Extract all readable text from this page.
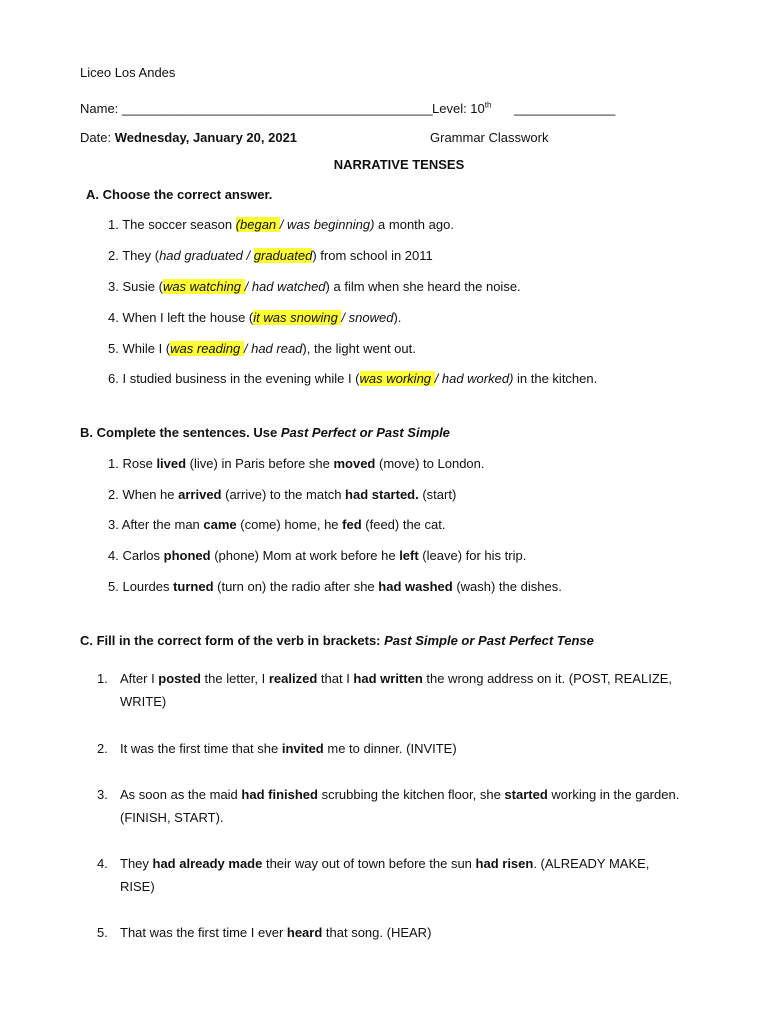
Liceo Los Andes
Name: ___________________________________________ Level: 10th ______________
Date: Wednesday, January 20, 2021	Grammar Classwork
NARRATIVE TENSES
A. Choose the correct answer.
1. The soccer season (began / was beginning) a month ago.
2. They (had graduated / graduated) from school in 2011
3. Susie (was watching / had watched) a film when she heard the noise.
4. When I left the house (it was snowing / snowed).
5. While I (was reading / had read), the light went out.
6. I studied business in the evening while I (was working / had worked) in the kitchen.
B. Complete the sentences. Use Past Perfect or Past Simple
1. Rose lived (live) in Paris before she moved (move) to London.
2. When he arrived (arrive) to the match had started. (start)
3. After the man came (come) home, he fed (feed) the cat.
4. Carlos phoned (phone) Mom at work before he left (leave) for his trip.
5. Lourdes turned (turn on) the radio after she had washed (wash) the dishes.
C. Fill in the correct form of the verb in brackets: Past Simple or Past Perfect Tense
1. After I posted the letter, I realized that I had written the wrong address on it. (POST, REALIZE,
WRITE)
2. It was the first time that she invited me to dinner. (INVITE)
3. As soon as the maid had finished scrubbing the kitchen floor, she started working in the garden.
(FINISH, START).
4. They had already made their way out of town before the sun had risen. (ALREADY MAKE,
RISE)
5. That was the first time I ever heard that song. (HEAR)
